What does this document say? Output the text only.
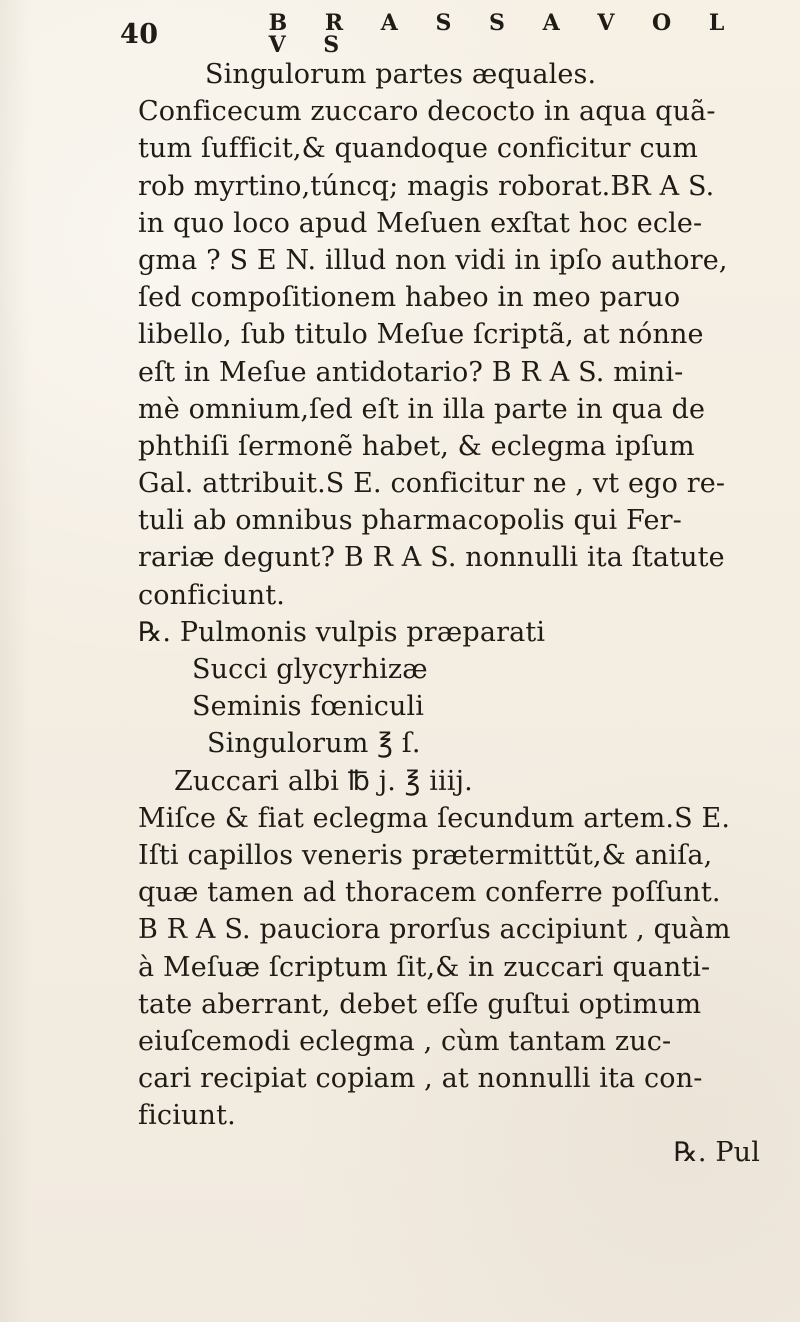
40	B R A S S A V O L V S
Singulorum partes æquales.
Conficecum zuccaro decocto in aqua quã-
tum ſufficit,& quandoque conficitur cum
rob myrtino,túncq; magis roborat.BR A S.
in quo loco apud Meſuen exſtat hoc ecle-
gma ? S E N. illud non vidi in ipſo authore,
ſed compoſitionem habeo in meo paruo
libello, ſub titulo Meſue ſcriptã, at nónne
eſt in Meſue antidotario? B R A S. mini-
mè omnium,ſed eſt in illa parte in qua de
phthiſi ſermonẽ habet, & eclegma ipſum
Gal. attribuit.S E. conficitur ne , vt ego re-
tuli ab omnibus pharmacopolis qui Fer-
rariæ degunt? B R A S. nonnulli ita ſtatute
conficiunt.
℞. Pulmonis vulpis præparati
Succi glycyrhizæ
Seminis fœniculi
Singulorum ℥ ſ.
Zuccari albi ℔ j. ℥ iiij.
Miſce & fiat eclegma ſecundum artem.S E.
Iſti capillos veneris prætermittũt,& aniſa,
quæ tamen ad thoracem conferre poſſunt.
B R A S. pauciora prorſus accipiunt , quàm
à Meſuæ ſcriptum ſit,& in zuccari quanti-
tate aberrant, debet eſſe guſtui optimum
eiuſcemodi eclegma , cùm tantam zuc-
cari recipiat copiam , at nonnulli ita con-
ficiunt.
℞. Pul
